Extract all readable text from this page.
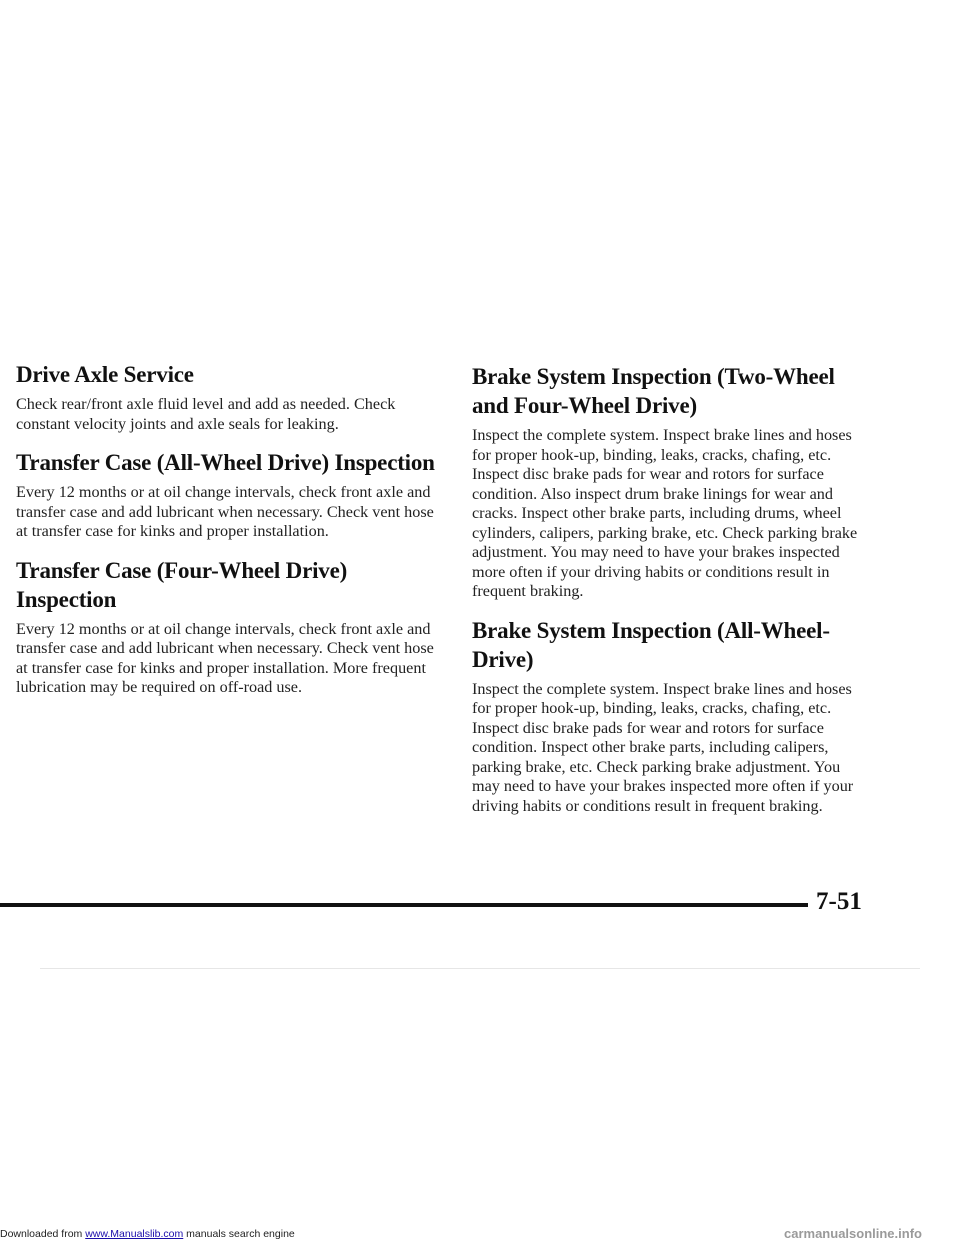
Drive Axle Service

Check rear/front axle fluid level and add as needed. Check constant velocity joints and axle seals for leaking.

Transfer Case (All-Wheel Drive) Inspection

Every 12 months or at oil change intervals, check front axle and transfer case and add lubricant when necessary. Check vent hose at transfer case for kinks and proper installation.

Transfer Case (Four-Wheel Drive) Inspection

Every 12 months or at oil change intervals, check front axle and transfer case and add lubricant when necessary. Check vent hose at transfer case for kinks and proper installation. More frequent lubrication may be required on off-road use.

Brake System Inspection (Two-Wheel and Four-Wheel Drive)

Inspect the complete system. Inspect brake lines and hoses for proper hook-up, binding, leaks, cracks, chafing, etc. Inspect disc brake pads for wear and rotors for surface condition. Also inspect drum brake linings for wear and cracks. Inspect other brake parts, including drums, wheel cylinders, calipers, parking brake, etc. Check parking brake adjustment. You may need to have your brakes inspected more often if your driving habits or conditions result in frequent braking.

Brake System Inspection (All-Wheel-Drive)

Inspect the complete system. Inspect brake lines and hoses for proper hook-up, binding, leaks, cracks, chafing, etc. Inspect disc brake pads for wear and rotors for surface condition. Inspect other brake parts, including calipers, parking brake, etc. Check parking brake adjustment. You may need to have your brakes inspected more often if your driving habits or conditions result in frequent braking.

7-51
Downloaded from www.Manualslib.com manuals search engine	carmanualsonline.info
